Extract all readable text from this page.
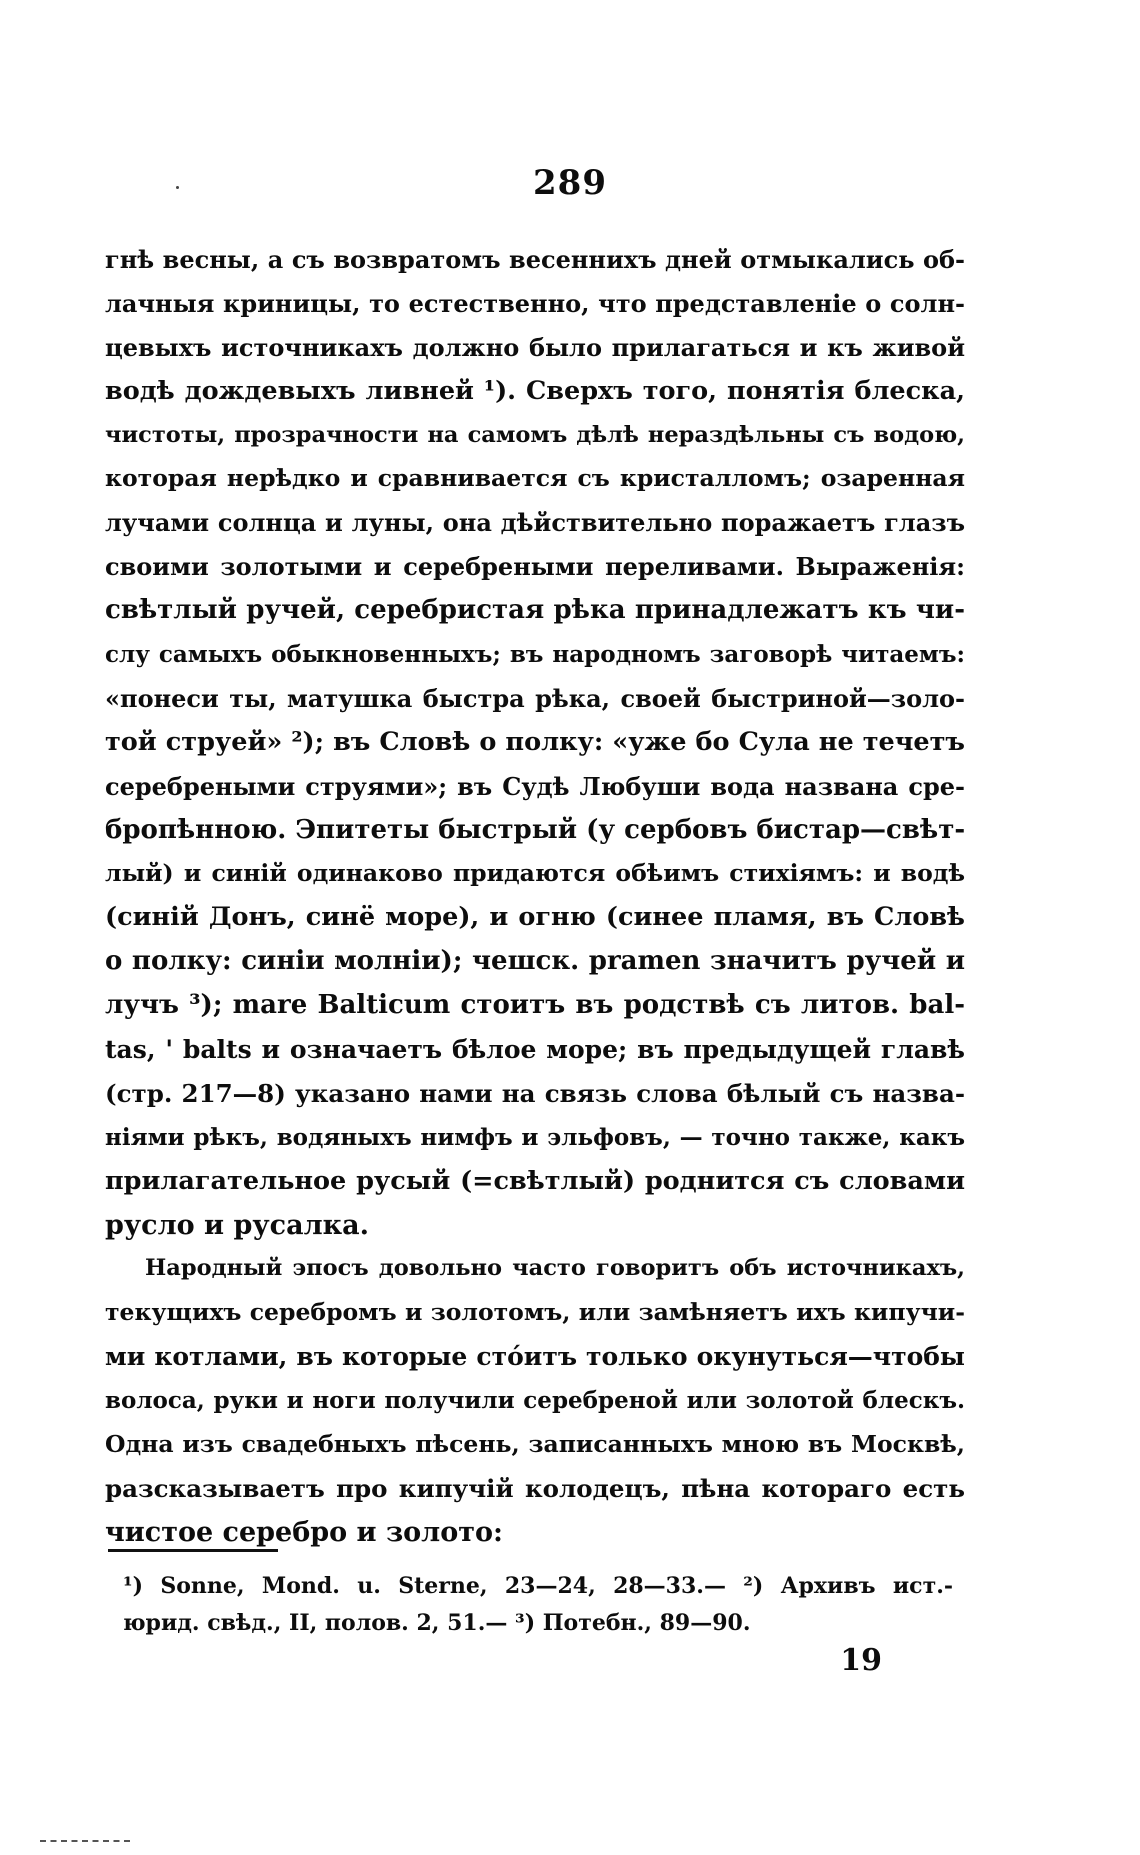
289
гнѣ весны, а съ возвратомъ весеннихъ дней отмыкались об-
лачныя криницы, то естественно, что представленіе о солн-
цевыхъ источникахъ должно было прилагаться и къ живой
водѣ дождевыхъ ливней ¹). Сверхъ того, понятія блеска,
чистоты, прозрачности на самомъ дѣлѣ нераздѣльны съ водою,
которая нерѣдко и сравнивается съ кристалломъ; озаренная
лучами солнца и луны, она дѣйствительно поражаетъ глазъ
своими золотыми и серебреными переливами. Выраженія:
свѣтлый ручей, серебристая рѣка принадлежатъ къ чи-
слу самыхъ обыкновенныхъ; въ народномъ заговорѣ читаемъ:
«понеси ты, матушка быстра рѣка, своей быстриной—золо-
той струей» ²); въ Словѣ о полку: «уже бо Сула не течетъ
серебреными струями»; въ Судѣ Любуши вода названа сре-
бропѣнною. Эпитеты быстрый (у сербовъ бистар—свѣт-
лый) и синій одинаково придаются обѣимъ стихіямъ: и водѣ
(синій Донъ, синё море), и огню (синее пламя, въ Словѣ
о полку: синіи молніи); чешск. pramen значитъ ручей и
лучъ ³); mare Balticum стоитъ въ родствѣ съ литов. bal-
tas, ' balts и означаетъ бѣлое море; въ предыдущей главѣ
(стр. 217—8) указано нами на связь слова бѣлый съ назва-
ніями рѣкъ, водяныхъ нимфъ и эльфовъ, — точно также, какъ
прилагательное русый (=свѣтлый) роднится съ словами
русло и русалка.
Народный эпосъ довольно часто говоритъ объ источникахъ,
текущихъ серебромъ и золотомъ, или замѣняетъ ихъ кипучи-
ми котлами, въ которые стóитъ только окунуться—чтобы
волоса, руки и ноги получили серебреной или золотой блескъ.
Одна изъ свадебныхъ пѣсень, записанныхъ мною въ Москвѣ,
разсказываетъ про кипучій колодецъ, пѣна котораго есть
чистое серебро и золото:
¹) Sonne, Mond. u. Sterne, 23—24, 28—33.— ²) Архивъ ист.-
юрид. свѣд., II, полов. 2, 51.— ³) Потебн., 89—90.
19
